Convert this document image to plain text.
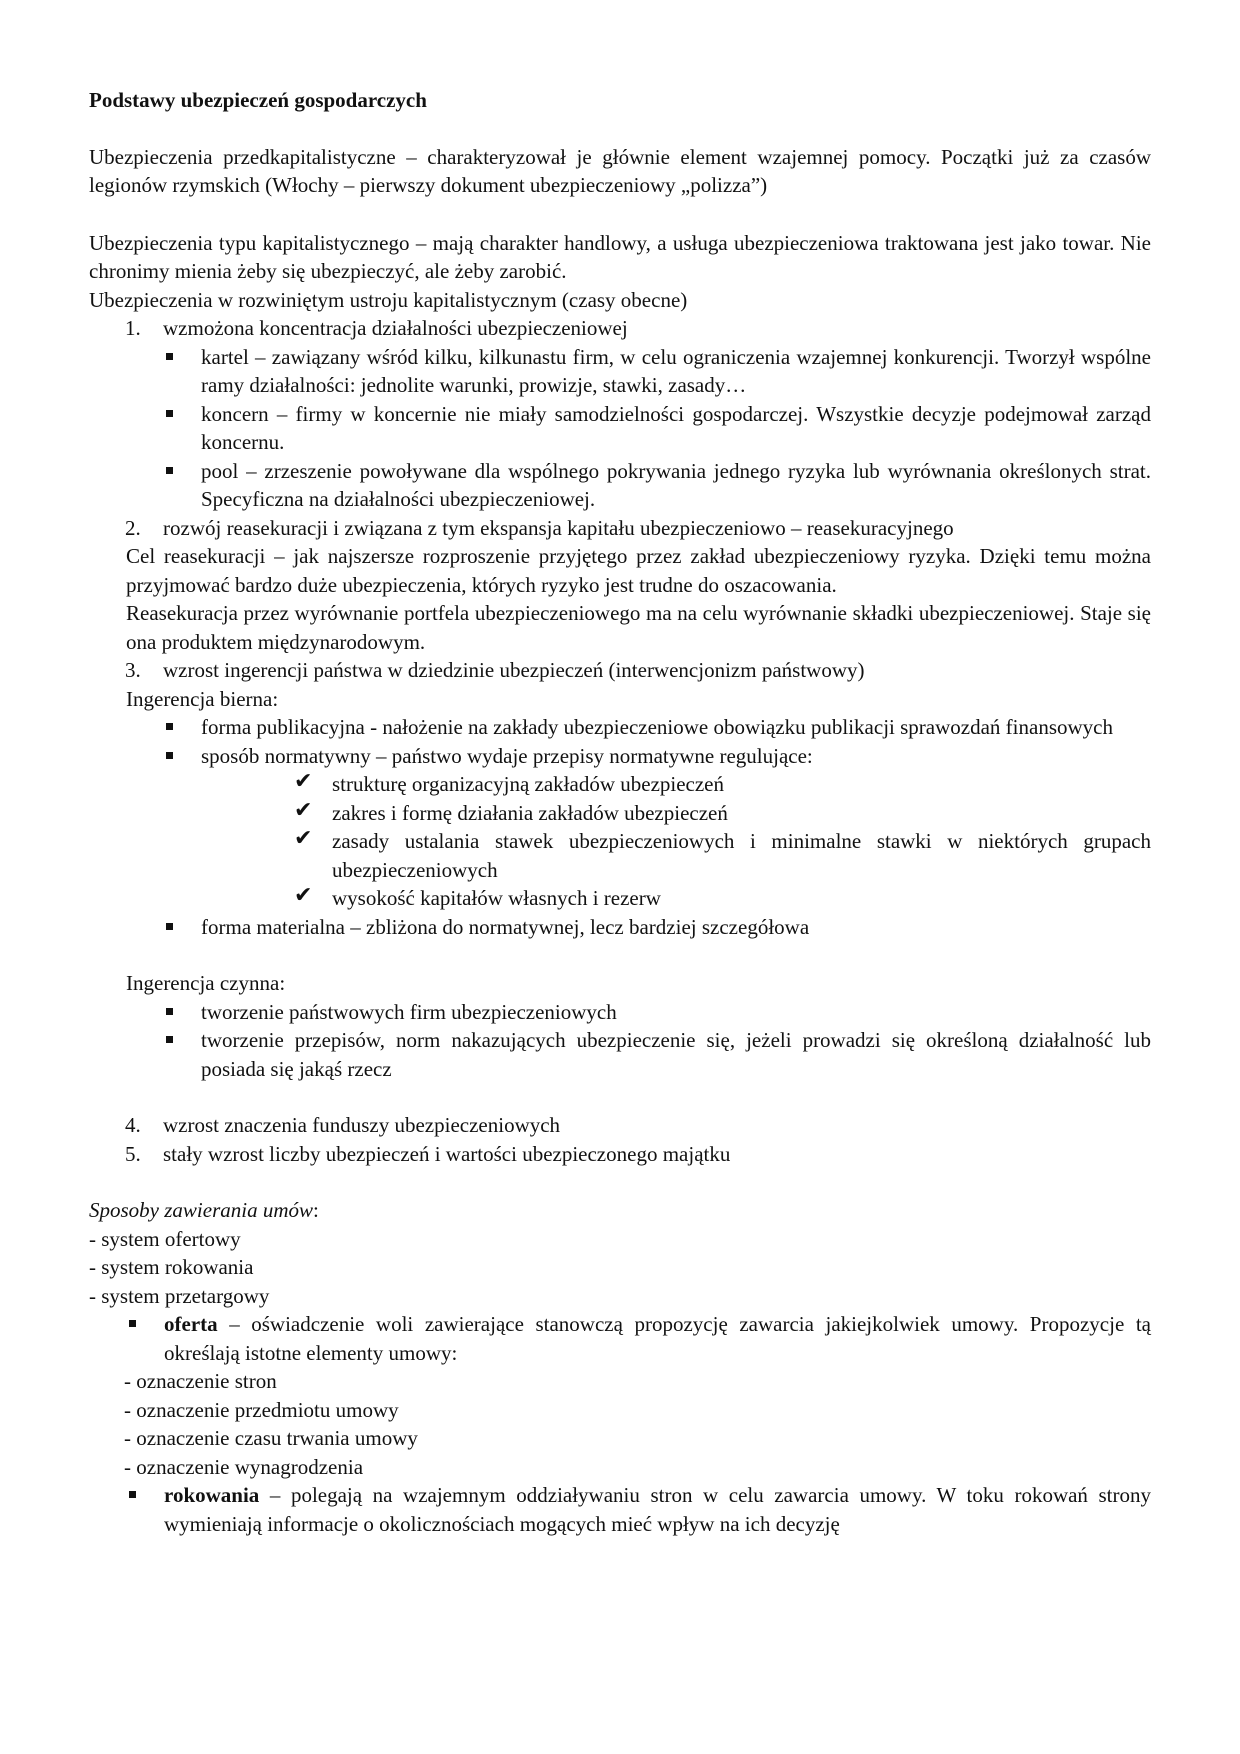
Podstawy ubezpieczeń gospodarczych

Ubezpieczenia przedkapitalistyczne – charakteryzował je głównie element wzajemnej pomocy. Początki już za czasów legionów rzymskich (Włochy – pierwszy dokument ubezpieczeniowy „polizza”)

Ubezpieczenia typu kapitalistycznego – mają charakter handlowy, a usługa ubezpieczeniowa traktowana jest jako towar. Nie chronimy mienia żeby się ubezpieczyć, ale żeby zarobić.

Ubezpieczenia w rozwiniętym ustroju kapitalistycznym (czasy obecne)

1. wzmożona koncentracja działalności ubezpieczeniowej

kartel – zawiązany wśród kilku, kilkunastu firm, w celu ograniczenia wzajemnej konkurencji. Tworzył wspólne ramy działalności: jednolite warunki, prowizje, stawki, zasady…

koncern – firmy w koncernie nie miały samodzielności gospodarczej. Wszystkie decyzje podejmował zarząd koncernu.

pool – zrzeszenie powoływane dla wspólnego pokrywania jednego ryzyka lub wyrównania określonych strat. Specyficzna na działalności ubezpieczeniowej.

2. rozwój reasekuracji i związana z tym ekspansja kapitału ubezpieczeniowo – reasekuracyjnego

Cel reasekuracji – jak najszersze rozproszenie przyjętego przez zakład ubezpieczeniowy ryzyka. Dzięki temu można przyjmować bardzo duże ubezpieczenia, których ryzyko jest trudne do oszacowania.

Reasekuracja przez wyrównanie portfela ubezpieczeniowego ma na celu wyrównanie składki ubezpieczeniowej. Staje się ona produktem międzynarodowym.

3. wzrost ingerencji państwa w dziedzinie ubezpieczeń (interwencjonizm państwowy)

Ingerencja bierna:

forma publikacyjna - nałożenie na zakłady ubezpieczeniowe obowiązku publikacji sprawozdań finansowych

sposób normatywny – państwo wydaje przepisy normatywne regulujące:

✔ strukturę organizacyjną zakładów ubezpieczeń

✔ zakres i formę działania zakładów ubezpieczeń

✔ zasady ustalania stawek ubezpieczeniowych i minimalne stawki w niektórych grupach ubezpieczeniowych

✔ wysokość kapitałów własnych i rezerw

forma materialna – zbliżona do normatywnej, lecz bardziej szczegółowa

Ingerencja czynna:

tworzenie państwowych firm ubezpieczeniowych

tworzenie przepisów, norm nakazujących ubezpieczenie się, jeżeli prowadzi się określoną działalność lub posiada się jakąś rzecz

4. wzrost znaczenia funduszy ubezpieczeniowych

5. stały wzrost liczby ubezpieczeń i wartości ubezpieczonego majątku

Sposoby zawierania umów:

- system ofertowy

- system rokowania

- system przetargowy

oferta – oświadczenie woli zawierające stanowczą propozycję zawarcia jakiejkolwiek umowy. Propozycje tą określają istotne elementy umowy:

- oznaczenie stron

- oznaczenie przedmiotu umowy

- oznaczenie czasu trwania umowy

- oznaczenie wynagrodzenia

rokowania – polegają na wzajemnym oddziaływaniu stron w celu zawarcia umowy. W toku rokowań strony wymieniają informacje o okolicznościach mogących mieć wpływ na ich decyzję
